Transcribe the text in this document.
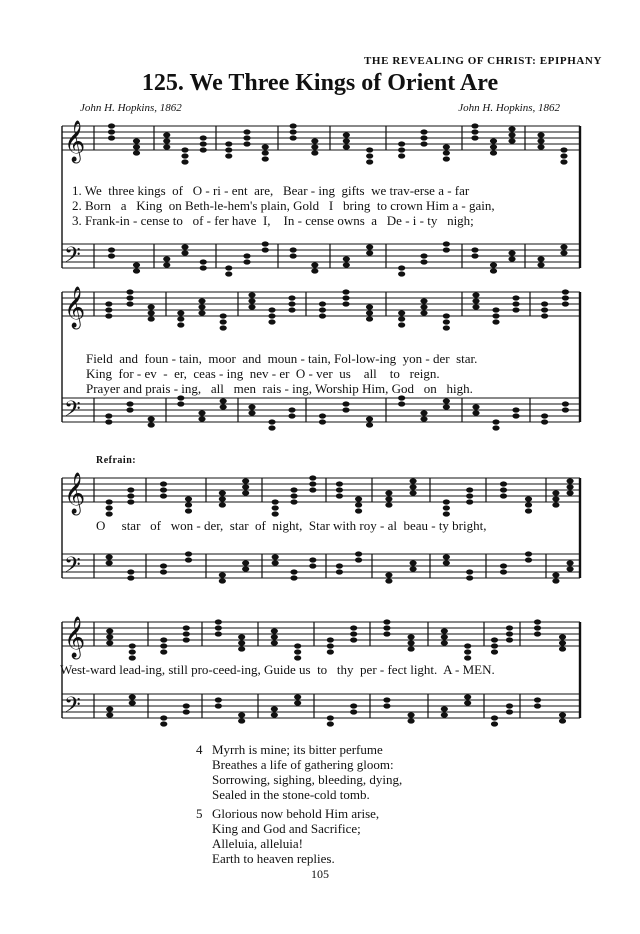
THE REVEALING OF CHRIST: EPIPHANY
125. We Three Kings of Orient Are
John H. Hopkins, 1862	John H. Hopkins, 1862
𝄞
𝄢
𝄞
𝄢
𝄞
𝄢
𝄞
𝄢
1. We  three kings  of   O - ri - ent  are,   Bear - ing  gifts  we trav-erse a - far
2. Born   a   King  on Beth-le-hem's plain, Gold   I   bring  to crown Him a - gain,
3. Frank-in - cense to   of - fer have  I,    In - cense owns  a   De - i - ty   nigh;
Field  and  foun - tain,  moor  and  moun - tain, Fol-low-ing  yon - der  star.
King  for - ev  -  er,  ceas - ing  nev - er  O - ver  us    all    to   reign.
Prayer and prais - ing,   all   men  rais - ing, Worship Him, God   on   high.
Refrain:
O     star   of   won - der,  star  of  night,  Star with roy - al  beau - ty bright,
West-ward lead-ing, still pro-ceed-ing, Guide us  to   thy  per - fect light.  A - MEN.
4 Myrrh is mine; its bitter perfume
Breathes a life of gathering gloom:
Sorrowing, sighing, bleeding, dying,
Sealed in the stone-cold tomb.
5 Glorious now behold Him arise,
King and God and Sacrifice;
Alleluia, alleluia!
Earth to heaven replies.
105
